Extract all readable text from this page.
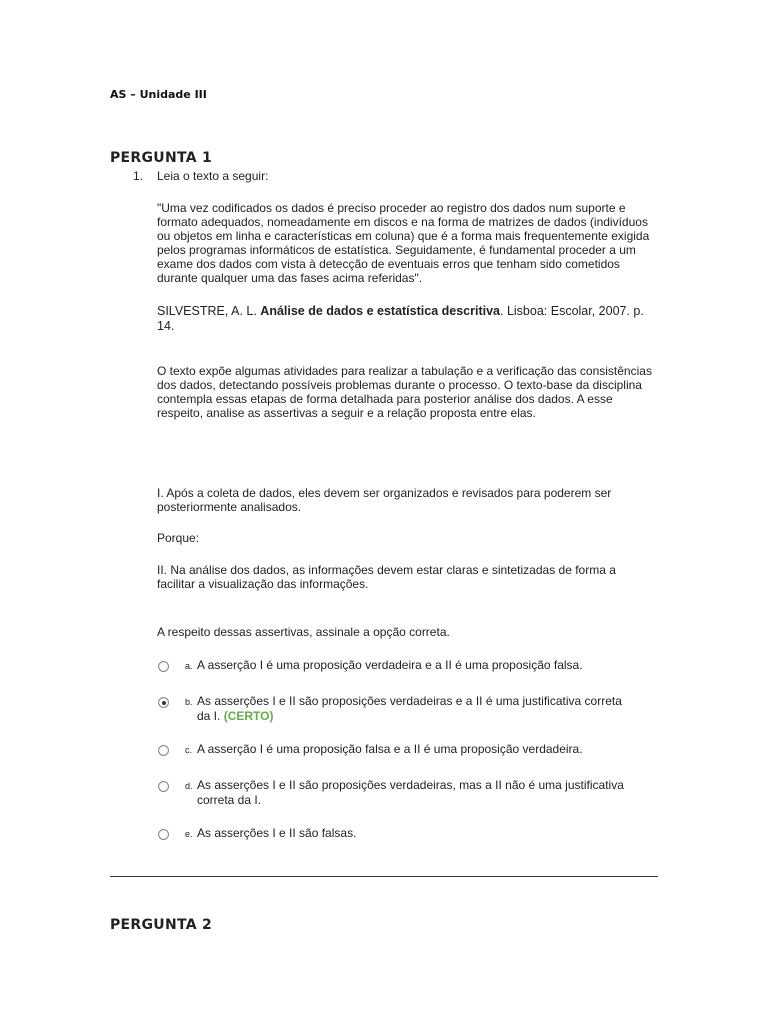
AS – Unidade III
PERGUNTA 1
1. Leia o texto a seguir:
"Uma vez codificados os dados é preciso proceder ao registro dos dados num suporte e formato adequados, nomeadamente em discos e na forma de matrizes de dados (indivíduos ou objetos em linha e características em coluna) que é a forma mais frequentemente exigida pelos programas informáticos de estatística. Seguidamente, é fundamental proceder a um exame dos dados com vista à detecção de eventuais erros que tenham sido cometidos durante qualquer uma das fases acima referidas".
SILVESTRE, A. L. Análise de dados e estatística descritiva. Lisboa: Escolar, 2007. p. 14.
O texto expõe algumas atividades para realizar a tabulação e a verificação das consistências dos dados, detectando possíveis problemas durante o processo. O texto-base da disciplina contempla essas etapas de forma detalhada para posterior análise dos dados. A esse respeito, analise as assertivas a seguir e a relação proposta entre elas.
I. Após a coleta de dados, eles devem ser organizados e revisados para poderem ser posteriormente analisados.
Porque:
II. Na análise dos dados, as informações devem estar claras e sintetizadas de forma a facilitar a visualização das informações.
A respeito dessas assertivas, assinale a opção correta.
a. A asserção I é uma proposição verdadeira e a II é uma proposição falsa.
b. As asserções I e II são proposições verdadeiras e a II é uma justificativa correta
da I. (CERTO)
c. A asserção I é uma proposição falsa e a II é uma proposição verdadeira.
d. As asserções I e II são proposições verdadeiras, mas a II não é uma justificativa
correta da I.
e. As asserções I e II são falsas.
PERGUNTA 2
